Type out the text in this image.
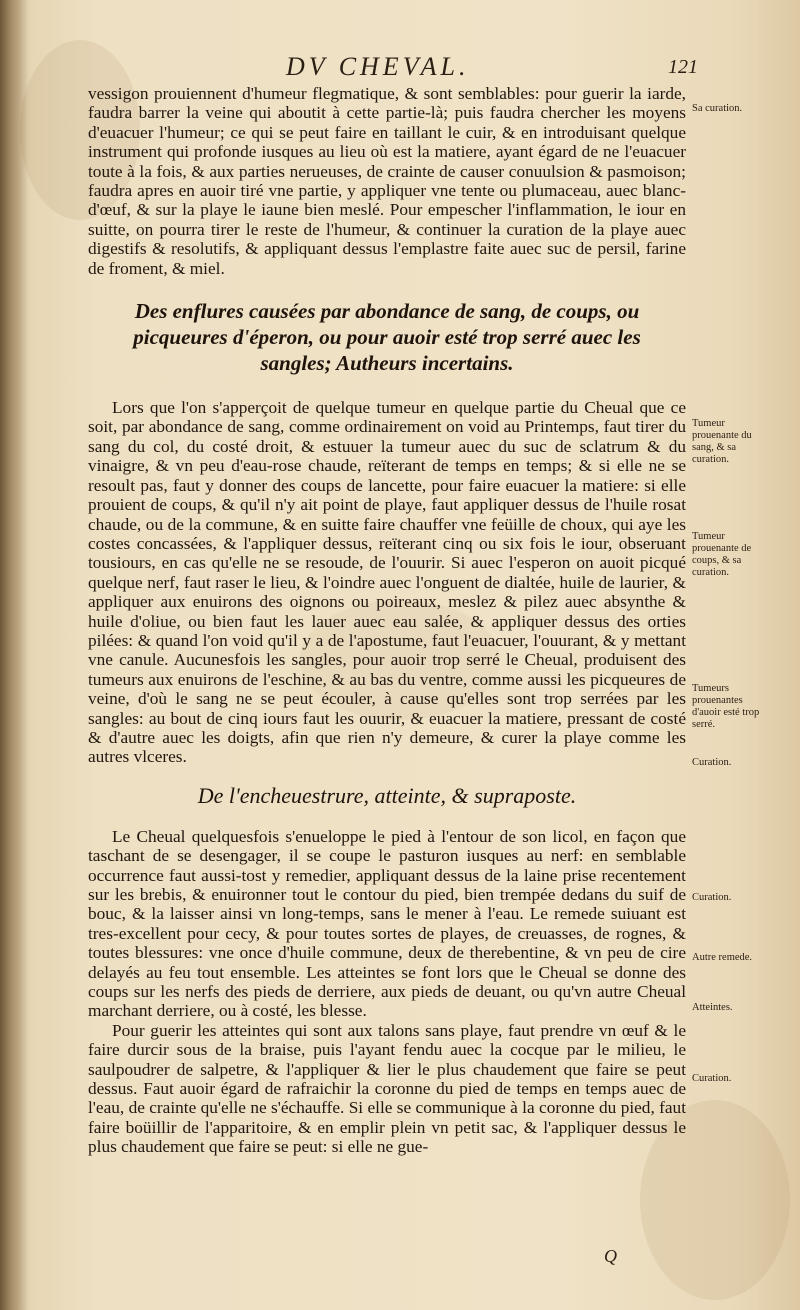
DV CHEVAL.	121

vessigon prouiennent d'humeur flegmatique, & sont semblables: pour guerir la iarde, faudra barrer la veine qui aboutit à cette partie-là; puis faudra chercher les moyens d'euacuer l'humeur; ce qui se peut faire en taillant le cuir, & en introduisant quelque instrument qui profonde iusques au lieu où est la matiere, ayant égard de ne l'euacuer toute à la fois, & aux parties nerueuses, de crainte de causer conuulsion & pasmoison; faudra apres en auoir tiré vne partie, y appliquer vne tente ou plumaceau, auec blanc-d'œuf, & sur la playe le iaune bien meslé. Pour empescher l'inflammation, le iour en suitte, on pourra tirer le reste de l'humeur, & continuer la curation de la playe auec digestifs & resolutifs, & appliquant dessus l'emplastre faite auec suc de persil, farine de froment, & miel.

Des enflures causées par abondance de sang, de coups, ou picqueures d'éperon, ou pour auoir esté trop serré auec les sangles; Autheurs incertains.

Lors que l'on s'apperçoit de quelque tumeur en quelque partie du Cheual que ce soit, par abondance de sang, comme ordinairement on void au Printemps, faut tirer du sang du col, du costé droit, & estuuer la tumeur auec du suc de sclatrum & du vinaigre, & vn peu d'eau-rose chaude, reïterant de temps en temps; & si elle ne se resoult pas, faut y donner des coups de lancette, pour faire euacuer la matiere: si elle prouient de coups, & qu'il n'y ait point de playe, faut appliquer dessus de l'huile rosat chaude, ou de la commune, & en suitte faire chauffer vne feüille de choux, qui aye les costes concassées, & l'appliquer dessus, reïterant cinq ou six fois le iour, obseruant tousiours, en cas qu'elle ne se resoude, de l'ouurir. Si auec l'esperon on auoit picqué quelque nerf, faut raser le lieu, & l'oindre auec l'onguent de dialtée, huile de laurier, & appliquer aux enuirons des oignons ou poireaux, meslez & pilez auec absynthe & huile d'oliue, ou bien faut les lauer auec eau salée, & appliquer dessus des orties pilées: & quand l'on void qu'il y a de l'apostume, faut l'euacuer, l'ouurant, & y mettant vne canule. Aucunesfois les sangles, pour auoir trop serré le Cheual, produisent des tumeurs aux enuirons de l'eschine, & au bas du ventre, comme aussi les picqueures de veine, d'où le sang ne se peut écouler, à cause qu'elles sont trop serrées par les sangles: au bout de cinq iours faut les ouurir, & euacuer la matiere, pressant de costé & d'autre auec les doigts, afin que rien n'y demeure, & curer la playe comme les autres vlceres.

De l'encheuestrure, atteinte, & supraposte.

Le Cheual quelquesfois s'enueloppe le pied à l'entour de son licol, en façon que taschant de se desengager, il se coupe le pasturon iusques au nerf: en semblable occurrence faut aussi-tost y remedier, appliquant dessus de la laine prise recentement sur les brebis, & enuironner tout le contour du pied, bien trempée dedans du suif de bouc, & la laisser ainsi vn long-temps, sans le mener à l'eau. Le remede suiuant est tres-excellent pour cecy, & pour toutes sortes de playes, de creuasses, de rognes, & toutes blessures: vne once d'huile commune, deux de therebentine, & vn peu de cire delayés au feu tout ensemble. Les atteintes se font lors que le Cheual se donne des coups sur les nerfs des pieds de derriere, aux pieds de deuant, ou qu'vn autre Cheual marchant derriere, ou à costé, les blesse.

Pour guerir les atteintes qui sont aux talons sans playe, faut prendre vn œuf & le faire durcir sous de la braise, puis l'ayant fendu auec la cocque par le milieu, le saulpoudrer de salpetre, & l'appliquer & lier le plus chaudement que faire se peut dessus. Faut auoir égard de rafraichir la coronne du pied de temps en temps auec de l'eau, de crainte qu'elle ne s'échauffe. Si elle se communique à la coronne du pied, faut faire boüillir de l'apparitoire, & en emplir plein vn petit sac, & l'appliquer dessus le plus chaudement que faire se peut: si elle ne gue-

Sa curation.
Tumeur prouenante du sang, & sa curation.
Tumeur prouenante de coups, & sa curation.
Tumeurs prouenantes d'auoir esté trop serré.
Curation.
Curation.
Autre remede.
Atteintes.
Curation.
Q
